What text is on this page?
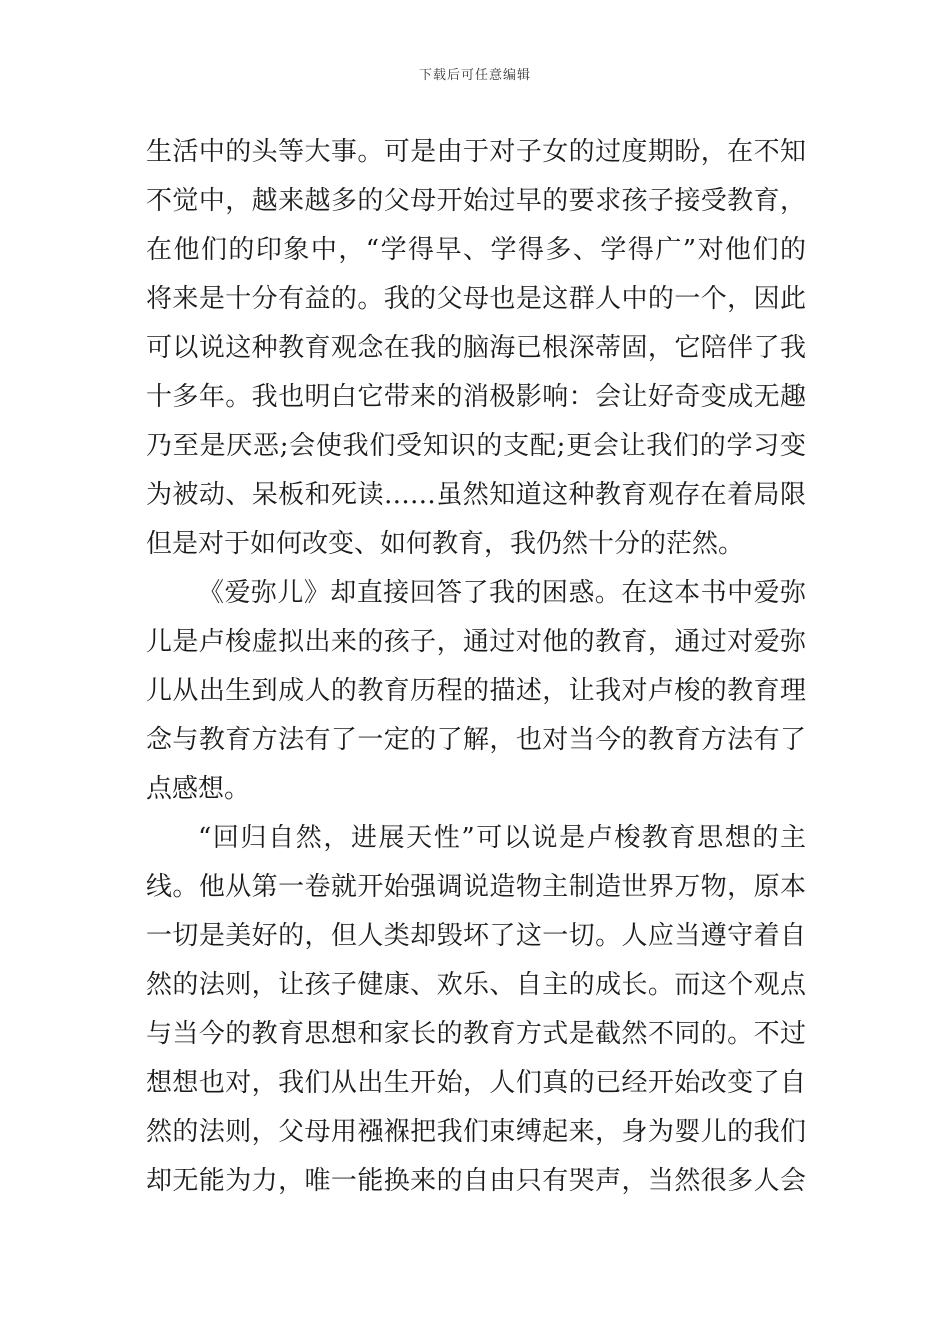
下载后可任意编辑
生活中的头等大事。可是由于对子女的过度期盼，在不知
不觉中，越来越多的父母开始过早的要求孩子接受教育，
在他们的印象中，“学得早、学得多、学得广”对他们的
将来是十分有益的。我的父母也是这群人中的一个，因此
可以说这种教育观念在我的脑海已根深蒂固，它陪伴了我
十多年。我也明白它带来的消极影响：会让好奇变成无趣
乃至是厌恶;会使我们受知识的支配;更会让我们的学习变
为被动、呆板和死读……虽然知道这种教育观存在着局限
但是对于如何改变、如何教育，我仍然十分的茫然。
《爱弥儿》却直接回答了我的困惑。在这本书中爱弥
儿是卢梭虚拟出来的孩子，通过对他的教育，通过对爱弥
儿从出生到成人的教育历程的描述，让我对卢梭的教育理
念与教育方法有了一定的了解，也对当今的教育方法有了
点感想。
“回归自然，进展天性”可以说是卢梭教育思想的主
线。他从第一卷就开始强调说造物主制造世界万物，原本
一切是美好的，但人类却毁坏了这一切。人应当遵守着自
然的法则，让孩子健康、欢乐、自主的成长。而这个观点
与当今的教育思想和家长的教育方式是截然不同的。不过
想想也对，我们从出生开始，人们真的已经开始改变了自
然的法则，父母用襁褓把我们束缚起来，身为婴儿的我们
却无能为力，唯一能换来的自由只有哭声，当然很多人会
